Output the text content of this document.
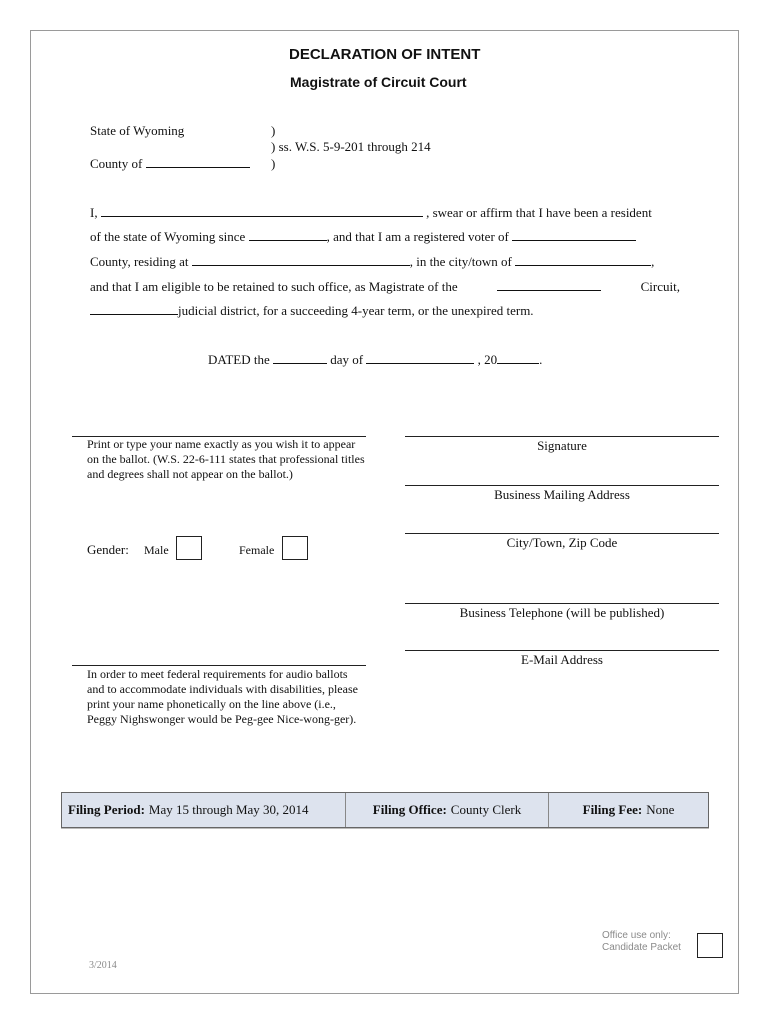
DECLARATION OF INTENT
Magistrate of Circuit Court
State of Wyoming	)
) ss. W.S. 5-9-201 through 214
County of	)
I,	, swear or affirm that I have been a resident
of the state of Wyoming since	, and that I am a registered voter of
County, residing at	, in the city/town of	,
and that I am eligible to be retained to such office, as Magistrate of the	Circuit,
judicial district, for a succeeding 4-year term, or the unexpired term.
DATED the	day of	, 20	.
Print or type your name exactly as you wish it to appear on the ballot. (W.S. 22-6-111 states that professional titles and degrees shall not appear on the ballot.)
Gender: Male	Female
In order to meet federal requirements for audio ballots and to accommodate individuals with disabilities, please print your name phonetically on the line above (i.e., Peggy Nighswonger would be Peg-gee Nice-wong-ger).
Signature
Business Mailing Address
City/Town, Zip Code
Business Telephone (will be published)
E-Mail Address
Filing Period: May 15 through May 30, 2014	Filing Office: County Clerk	Filing Fee: None
Office use only:
Candidate Packet
3/2014
